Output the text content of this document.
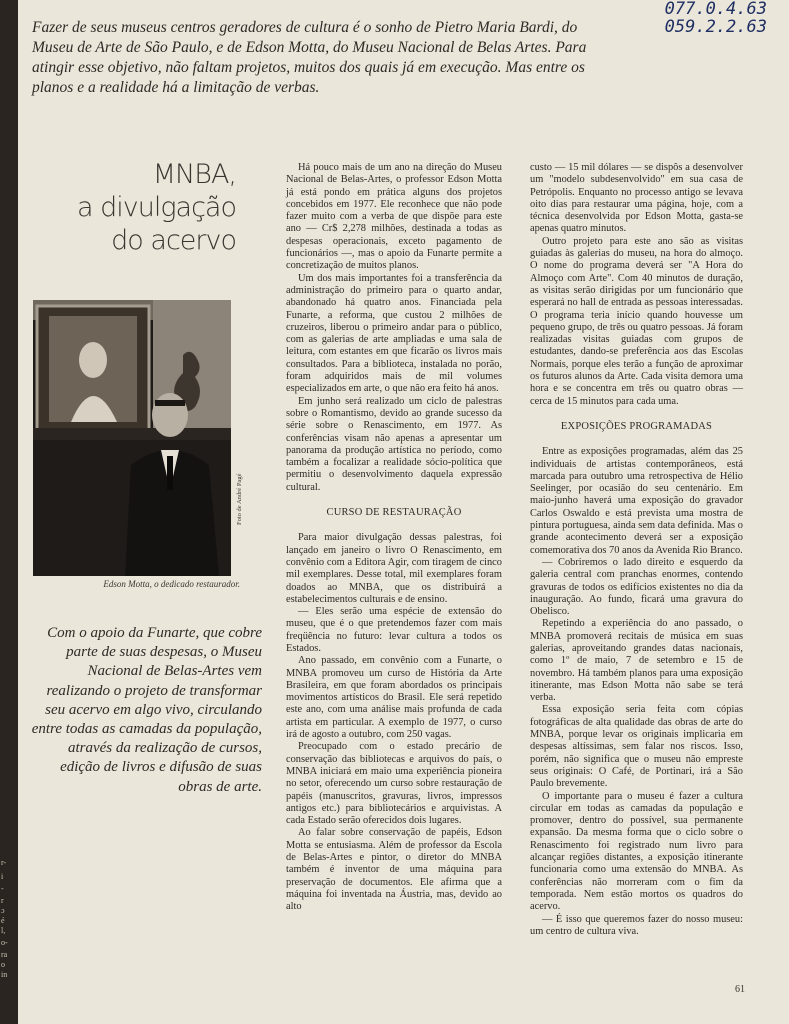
r-
i
-
r
ɔ
é
l,
o-
ra
o
in
077.0.4.63
059.2.2.63
Fazer de seus museus centros geradores de cultura é o sonho de Pietro Maria Bardi, do Museu de Arte de São Paulo, e de Edson Motta, do Museu Nacional de Belas Artes. Para atingir esse objetivo, não faltam projetos, muitos dos quais já em execução. Mas entre os planos e a realidade há a limitação de verbas.
MNBA,
a divulgação
do acervo
Foto de André Pagé
Edson Motta, o dedicado restaurador.
Com o apoio da Funarte, que cobre parte de suas despesas, o Museu Nacional de Belas-Artes vem realizando o projeto de transformar seu acervo em algo vivo, circulando entre todas as camadas da população, através da realização de cursos, edição de livros e difusão de suas obras de arte.

Há pouco mais de um ano na direção do Museu Nacional de Belas-Artes, o professor Edson Motta já está pondo em prática alguns dos projetos concebidos em 1977. Ele reconhece que não pode fazer muito com a verba de que dispõe para este ano — Cr$ 2,278 milhões, destinada a todas as despesas operacionais, exceto pagamento de funcionários —, mas o apoio da Funarte permite a concretização de muitos planos.

Um dos mais importantes foi a transferência da administração do primeiro para o quarto andar, abandonado há quatro anos. Financiada pela Funarte, a reforma, que custou 2 milhões de cruzeiros, liberou o primeiro andar para o público, com as galerias de arte ampliadas e uma sala de leitura, com estantes em que ficarão os livros mais consultados. Para a biblioteca, instalada no porão, foram adquiridos mais de mil volumes especializados em arte, o que não era feito há anos.

Em junho será realizado um ciclo de palestras sobre o Romantismo, devido ao grande sucesso da série sobre o Renascimento, em 1977. As conferências visam não apenas a apresentar um panorama da produção artística no período, como também a focalizar a realidade sócio-política que permitiu o desenvolvimento daquela expressão cultural.

CURSO DE RESTAURAÇÃO

Para maior divulgação dessas palestras, foi lançado em janeiro o livro O Renascimento, em convênio com a Editora Agir, com tiragem de cinco mil exemplares. Desse total, mil exemplares foram doados ao MNBA, que os distribuirá a estabelecimentos culturais e de ensino.

— Eles serão uma espécie de extensão do museu, que é o que pretendemos fazer com mais freqüência no futuro: levar cultura a todos os Estados.

Ano passado, em convênio com a Funarte, o MNBA promoveu um curso de História da Arte Brasileira, em que foram abordados os principais movimentos artísticos do Brasil. Ele será repetido este ano, com uma análise mais profunda de cada artista em particular. A exemplo de 1977, o curso irá de agosto a outubro, com 250 vagas.

Preocupado com o estado precário de conservação das bibliotecas e arquivos do país, o MNBA iniciará em maio uma experiência pioneira no setor, oferecendo um curso sobre restauração de papéis (manuscritos, gravuras, livros, impressos antigos etc.) para bibliotecários e arquivistas. A cada Estado serão oferecidos dois lugares.

Ao falar sobre conservação de papéis, Edson Motta se entusiasma. Além de professor da Escola de Belas-Artes e pintor, o diretor do MNBA também é inventor de uma máquina para preservação de documentos. Ele afirma que a máquina foi inventada na Áustria, mas, devido ao alto

custo — 15 mil dólares — se dispôs a desenvolver um "modelo subdesenvolvido" em sua casa de Petrópolis. Enquanto no processo antigo se levava oito dias para restaurar uma página, hoje, com a técnica desenvolvida por Edson Motta, gasta-se apenas quatro minutos.

Outro projeto para este ano são as visitas guiadas às galerias do museu, na hora do almoço. O nome do programa deverá ser "A Hora do Almoço com Arte". Com 40 minutos de duração, as visitas serão dirigidas por um funcionário que esperará no hall de entrada as pessoas interessadas. O programa teria início quando houvesse um pequeno grupo, de três ou quatro pessoas. Já foram realizadas visitas guiadas com grupos de estudantes, dando-se preferência aos das Escolas Normais, porque eles terão a função de aproximar os futuros alunos da Arte. Cada visita demora uma hora e se concentra em três ou quatro obras — cerca de 15 minutos para cada uma.

EXPOSIÇÕES PROGRAMADAS

Entre as exposições programadas, além das 25 individuais de artistas contemporâneos, está marcada para outubro uma retrospectiva de Hélio Seelinger, por ocasião do seu centenário. Em maio-junho haverá uma exposição do gravador Carlos Oswaldo e está prevista uma mostra de pintura portuguesa, ainda sem data definida. Mas o grande acontecimento deverá ser a exposição comemorativa dos 70 anos da Avenida Rio Branco.

— Cobriremos o lado direito e esquerdo da galeria central com pranchas enormes, contendo gravuras de todos os edifícios existentes no dia da inauguração. Ao fundo, ficará uma gravura do Obelisco.

Repetindo a experiência do ano passado, o MNBA promoverá recitais de música em suas galerias, aproveitando grandes datas nacionais, como 1º de maio, 7 de setembro e 15 de novembro. Há também planos para uma exposição itinerante, mas Edson Motta não sabe se terá verba.

Essa exposição seria feita com cópias fotográficas de alta qualidade das obras de arte do MNBA, porque levar os originais implicaria em despesas altíssimas, sem falar nos riscos. Isso, porém, não significa que o museu não empreste seus originais: O Café, de Portinari, irá a São Paulo brevemente.

O importante para o museu é fazer a cultura circular em todas as camadas da população e promover, dentro do possível, sua permanente expansão. Da mesma forma que o ciclo sobre o Renascimento foi registrado num livro para alcançar regiões distantes, a exposição itinerante funcionaria como uma extensão do MNBA. As conferências não morreram com o fim da temporada. Nem estão mortos os quadros do acervo.

— É isso que queremos fazer do nosso museu: um centro de cultura viva.

61
